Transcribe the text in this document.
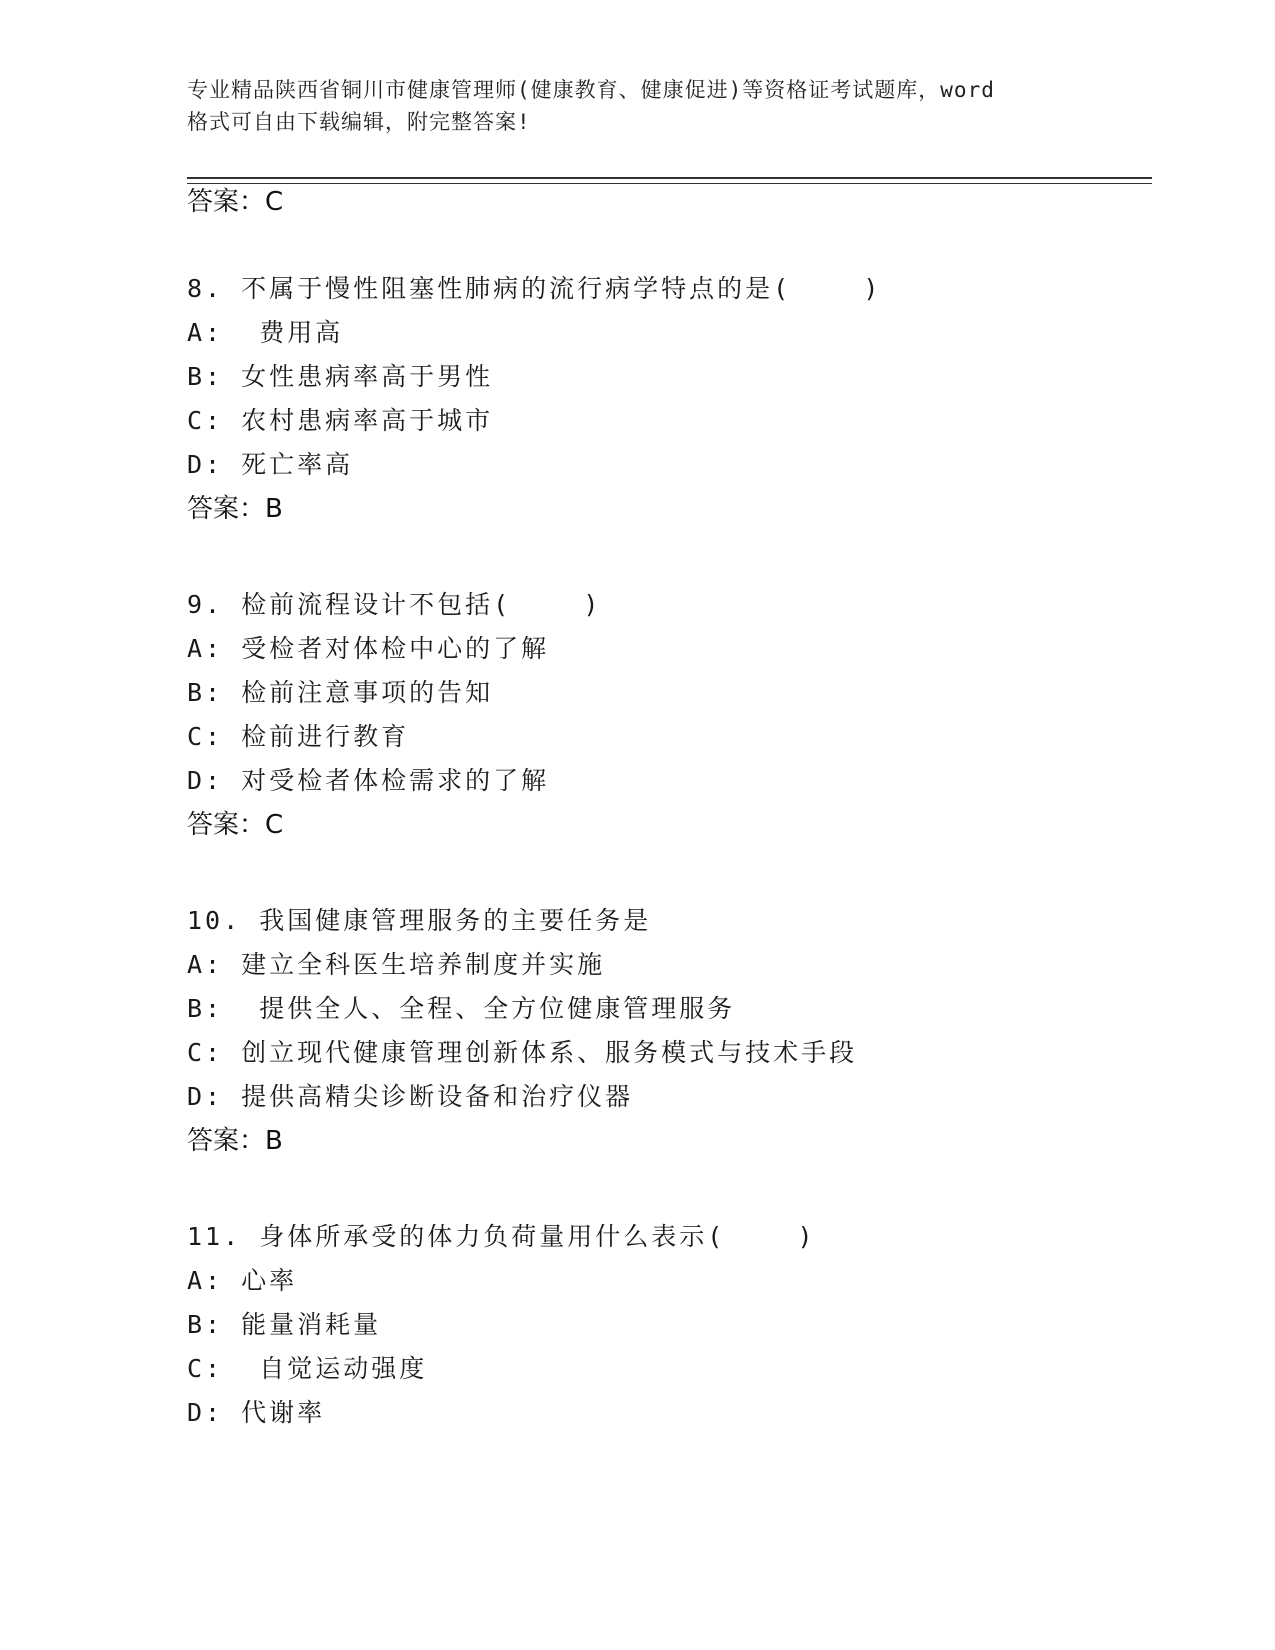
专业精品陕西省铜川市健康管理师(健康教育、健康促进)等资格证考试题库，word
格式可自由下载编辑，附完整答案!
答案：C
8. 不属于慢性阻塞性肺病的流行病学特点的是(    )
A:  费用高
B: 女性患病率高于男性
C: 农村患病率高于城市
D: 死亡率高
答案：B
9. 检前流程设计不包括(    )
A: 受检者对体检中心的了解
B: 检前注意事项的告知
C: 检前进行教育
D: 对受检者体检需求的了解
答案：C
10. 我国健康管理服务的主要任务是
A: 建立全科医生培养制度并实施
B:  提供全人、全程、全方位健康管理服务
C: 创立现代健康管理创新体系、服务模式与技术手段
D: 提供高精尖诊断设备和治疗仪器
答案：B
11. 身体所承受的体力负荷量用什么表示(    )
A: 心率
B: 能量消耗量
C:  自觉运动强度
D: 代谢率
